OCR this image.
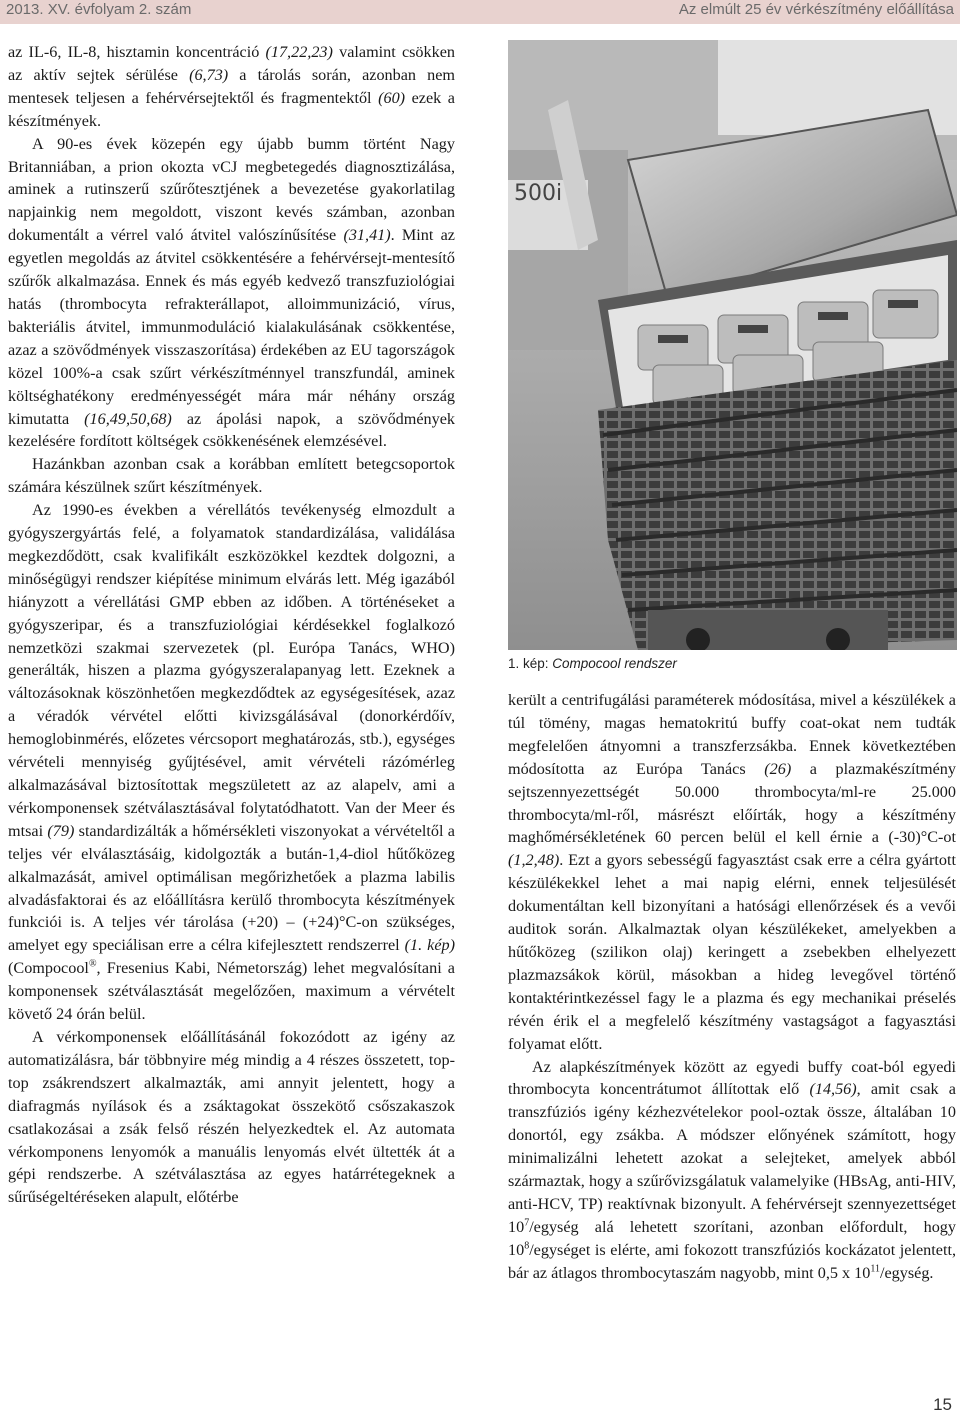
2013. XV. évfolyam 2. szám	Az elmúlt 25 év vérkészítmény előállítása

az IL-6, IL-8, hisztamin koncentráció (17,22,23) valamint csökken az aktív sejtek sérülése (6,73) a tárolás során, azonban nem mentesek teljesen a fehérvérsejtektől és fragmentektől (60) ezek a készítmények.

A 90-es évek közepén egy újabb bumm történt Nagy Britanniában, a prion okozta vCJ megbetegedés diagnosztizálása, aminek a rutinszerű szűrőtesztjének a bevezetése gyakorlatilag napjainkig nem megoldott, viszont kevés számban, azonban dokumentált a vérrel való átvitel valószínűsítése (31,41). Mint az egyetlen megoldás az átvitel csökkentésére a fehérvérsejt-mentesítő szűrők alkalmazása. Ennek és más egyéb kedvező transzfuziológiai hatás (thrombocyta refrakterállapot, alloimmunizáció, vírus, bakteriális átvitel, immunmoduláció kialakulásának csökkentése, azaz a szövődmények visszaszorítása) érdekében az EU tagországok közel 100%-a csak szűrt vérkészítménnyel transzfundál, aminek költséghatékony eredményességét mára már néhány ország kimutatta (16,49,50,68) az ápolási napok, a szövődmények kezelésére fordított költségek csökkenésének elemzésével.

Hazánkban azonban csak a korábban említett betegcsoportok számára készülnek szűrt készítmények.

Az 1990-es években a vérellátós tevékenység elmozdult a gyógyszergyártás felé, a folyamatok standardizálása, validálása megkezdődött, csak kvalifikált eszközökkel kezdtek dolgozni, a minőségügyi rendszer kiépítése minimum elvárás lett. Még igazából hiányzott a vérellátási GMP ebben az időben. A történéseket a gyógyszeripar, és a transzfuziológiai kérdésekkel foglalkozó nemzetközi szakmai szervezetek (pl. Európa Tanács, WHO) generálták, hiszen a plazma gyógyszeralapanyag lett. Ezeknek a változásoknak köszönhetően megkezdődtek az egységesítések, azaz a véradók vérvétel előtti kivizsgálásával (donorkérdőív, hemoglobinmérés, előzetes vércsoport meghatározás, stb.), egységes vérvételi mennyiség gyűjtésével, amit vérvételi rázómérleg alkalmazásával biztosítottak megszületett az az alapelv, ami a vérkomponensek szétválasztásával folytatódhatott. Van der Meer és mtsai (79) standardizálták a hőmérsékleti viszonyokat a vérvételtől a teljes vér elválasztásáig, kidolgozták a bután-1,4-diol hűtőközeg alkalmazását, amivel optimálisan megőrizhetőek a plazma labilis alvadásfaktorai és az előállításra kerülő thrombocyta készítmények funkciói is. A teljes vér tárolása (+20) – (+24)°C-on szükséges, amelyet egy speciálisan erre a célra kifejlesztett rendszerrel (1. kép) (Compocool®, Fresenius Kabi, Németország) lehet megvalósítani a komponensek szétválasztását megelőzően, maximum a vérvételt követő 24 órán belül.

A vérkomponensek előállításánál fokozódott az igény az automatizálásra, bár többnyire még mindig a 4 részes összetett, top-top zsákrendszert alkalmazták, ami annyit jelentett, hogy a diafragmás nyílások és a zsáktagokat összekötő csőszakaszok csatlakozásai a zsák felső részén helyezkedtek el. Az automata vérkomponens lenyomók a manuális lenyomás elvét ültették át a gépi rendszerbe. A szétválasztása az egyes határrétegeknek a sűrűségeltéréseken alapult, előtérbe

500i
1. kép: Compocool rendszer

került a centrifugálási paraméterek módosítása, mivel a készülékek a túl tömény, magas hematokritú buffy coat-okat nem tudták megfelelően átnyomni a transzferzsákba. Ennek következtében módosította az Európa Tanács (26) a plazmakészítmény sejtszennyezettségét 50.000 thrombocyta/ml-re 25.000 thrombocyta/ml-ről, másrészt előírták, hogy a készítmény maghőmérsékletének 60 percen belül el kell érnie a (-30)°C-ot (1,2,48). Ezt a gyors sebességű fagyasztást csak erre a célra gyártott készülékekkel lehet a mai napig elérni, ennek teljesülését dokumentáltan kell bizonyítani a hatósági ellenőrzések és a vevői auditok során. Alkalmaztak olyan készülékeket, amelyekben a hűtőközeg (szilikon olaj) keringett a zsebekben elhelyezett plazmazsákok körül, másokban a hideg levegővel történő kontaktérintkezéssel fagy le a plazma és egy mechanikai préselés révén érik el a megfelelő készítmény vastagságot a fagyasztási folyamat előtt.

Az alapkészítmények között az egyedi buffy coat-ból egyedi thrombocyta koncentrátumot állítottak elő (14,56), amit csak a transzfúziós igény kézhezvételekor pool-oztak össze, általában 10 donortól, egy zsákba. A módszer előnyének számított, hogy minimalizálni lehetett azokat a selejteket, amelyek abból származtak, hogy a szűrővizsgálatuk valamelyike (HBsAg, anti-HIV, anti-HCV, TP) reaktívnak bizonyult. A fehérvérsejt szennyezettséget $10^7$/egység alá lehetett szorítani, azonban előfordult, hogy $10^8$/egységet is elérte, ami fokozott transzfúziós kockázatot jelentett, bár az átlagos thrombocytaszám nagyobb, mint 0,5 x $10^{11}$/egység.

15
